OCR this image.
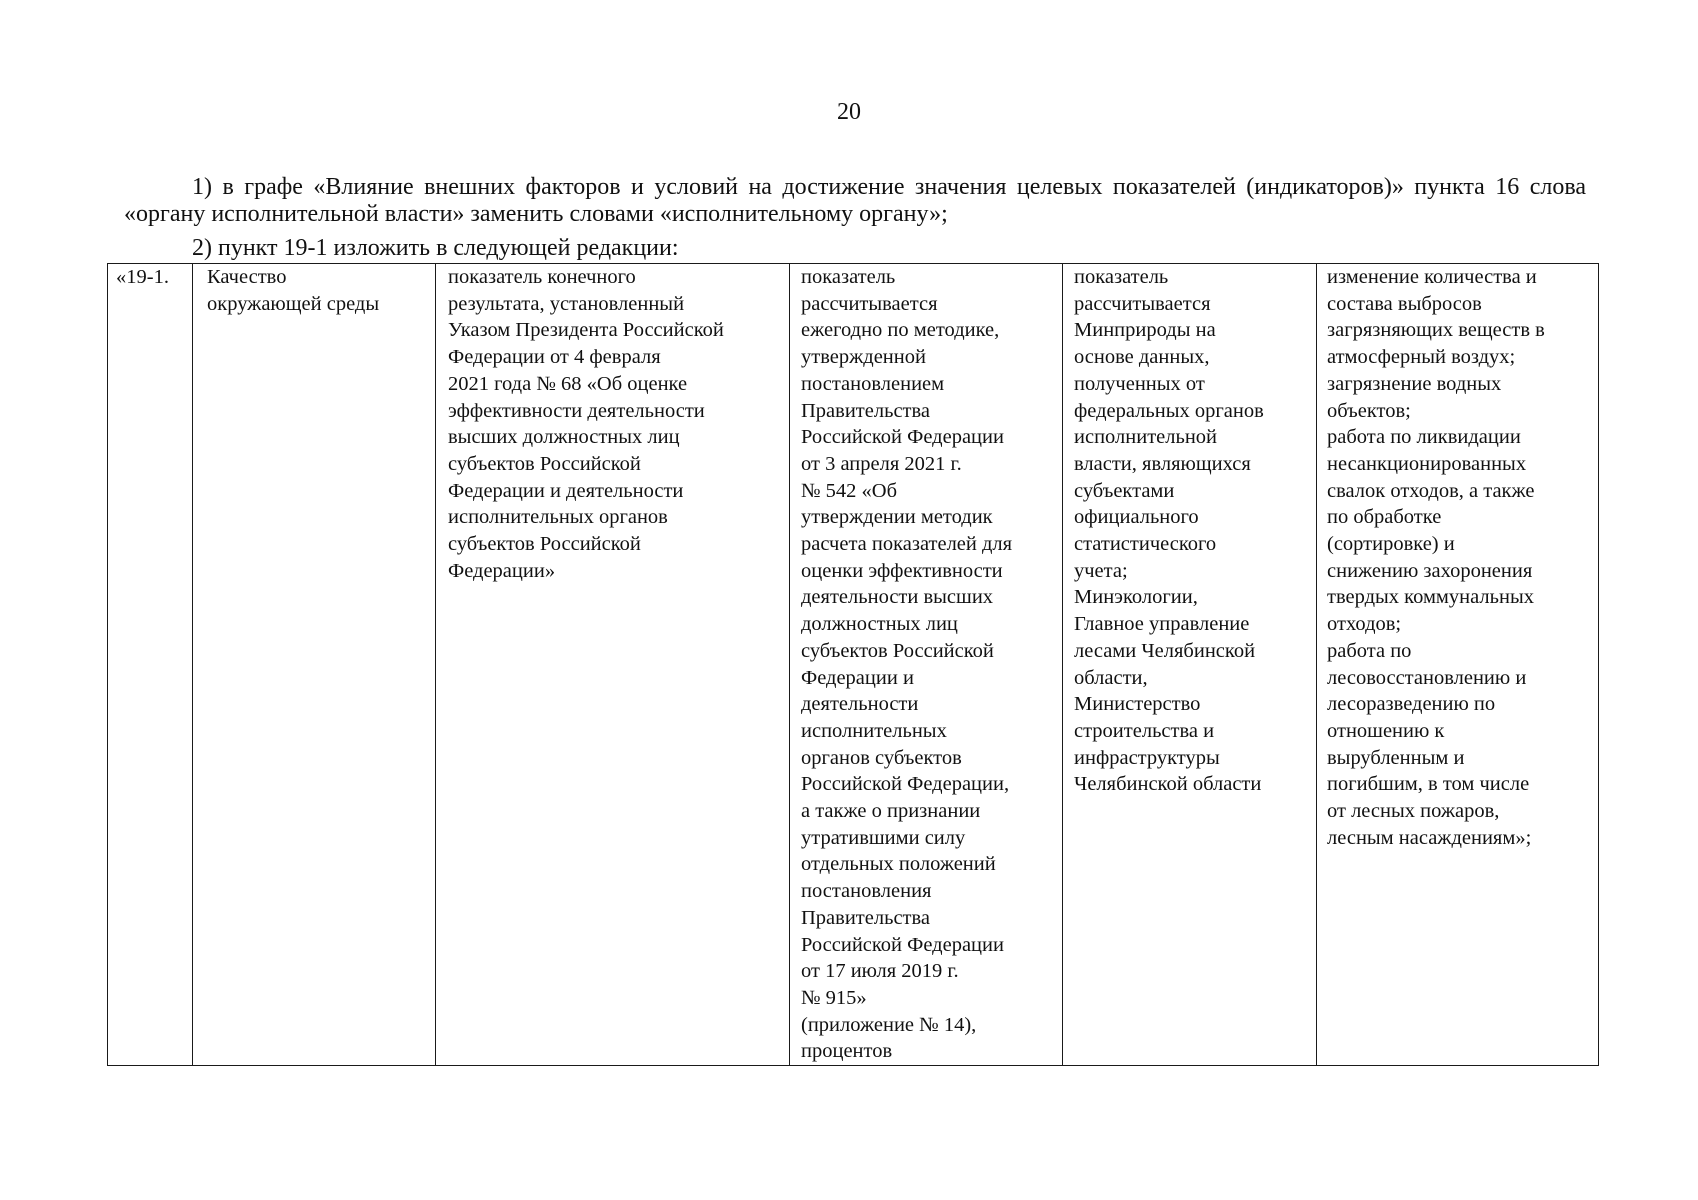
20

1) в графе «Влияние внешних факторов и условий на достижение значения целевых показателей (индикаторов)» пункта 16 слова «органу исполнительной власти» заменить словами «исполнительному органу»;

2) пункт 19-1 изложить в следующей редакции:

«19-1.	Качество
окружающей среды	показатель конечного
результата, установленный
Указом Президента Российской
Федерации от 4 февраля
2021 года № 68 «Об оценке
эффективности деятельности
высших должностных лиц
субъектов Российской
Федерации и деятельности
исполнительных органов
субъектов Российской
Федерации»	показатель
рассчитывается
ежегодно по методике,
утвержденной
постановлением
Правительства
Российской Федерации
от 3 апреля 2021 г.
№ 542 «Об
утверждении методик
расчета показателей для
оценки эффективности
деятельности высших
должностных лиц
субъектов Российской
Федерации и
деятельности
исполнительных
органов субъектов
Российской Федерации,
а также о признании
утратившими силу
отдельных положений
постановления
Правительства
Российской Федерации
от 17 июля 2019 г.
№ 915»
(приложение № 14),
процентов	показатель
рассчитывается
Минприроды на
основе данных,
полученных от
федеральных органов
исполнительной
власти, являющихся
субъектами
официального
статистического
учета;
Минэкологии,
Главное управление
лесами Челябинской
области,
Министерство
строительства и
инфраструктуры
Челябинской области	изменение количества и
состава выбросов
загрязняющих веществ в
атмосферный воздух;
загрязнение водных
объектов;
работа по ликвидации
несанкционированных
свалок отходов, а также
по обработке
(сортировке) и
снижению захоронения
твердых коммунальных
отходов;
работа по
лесовосстановлению и
лесоразведению по
отношению к
вырубленным и
погибшим, в том числе
от лесных пожаров,
лесным насаждениям»;
